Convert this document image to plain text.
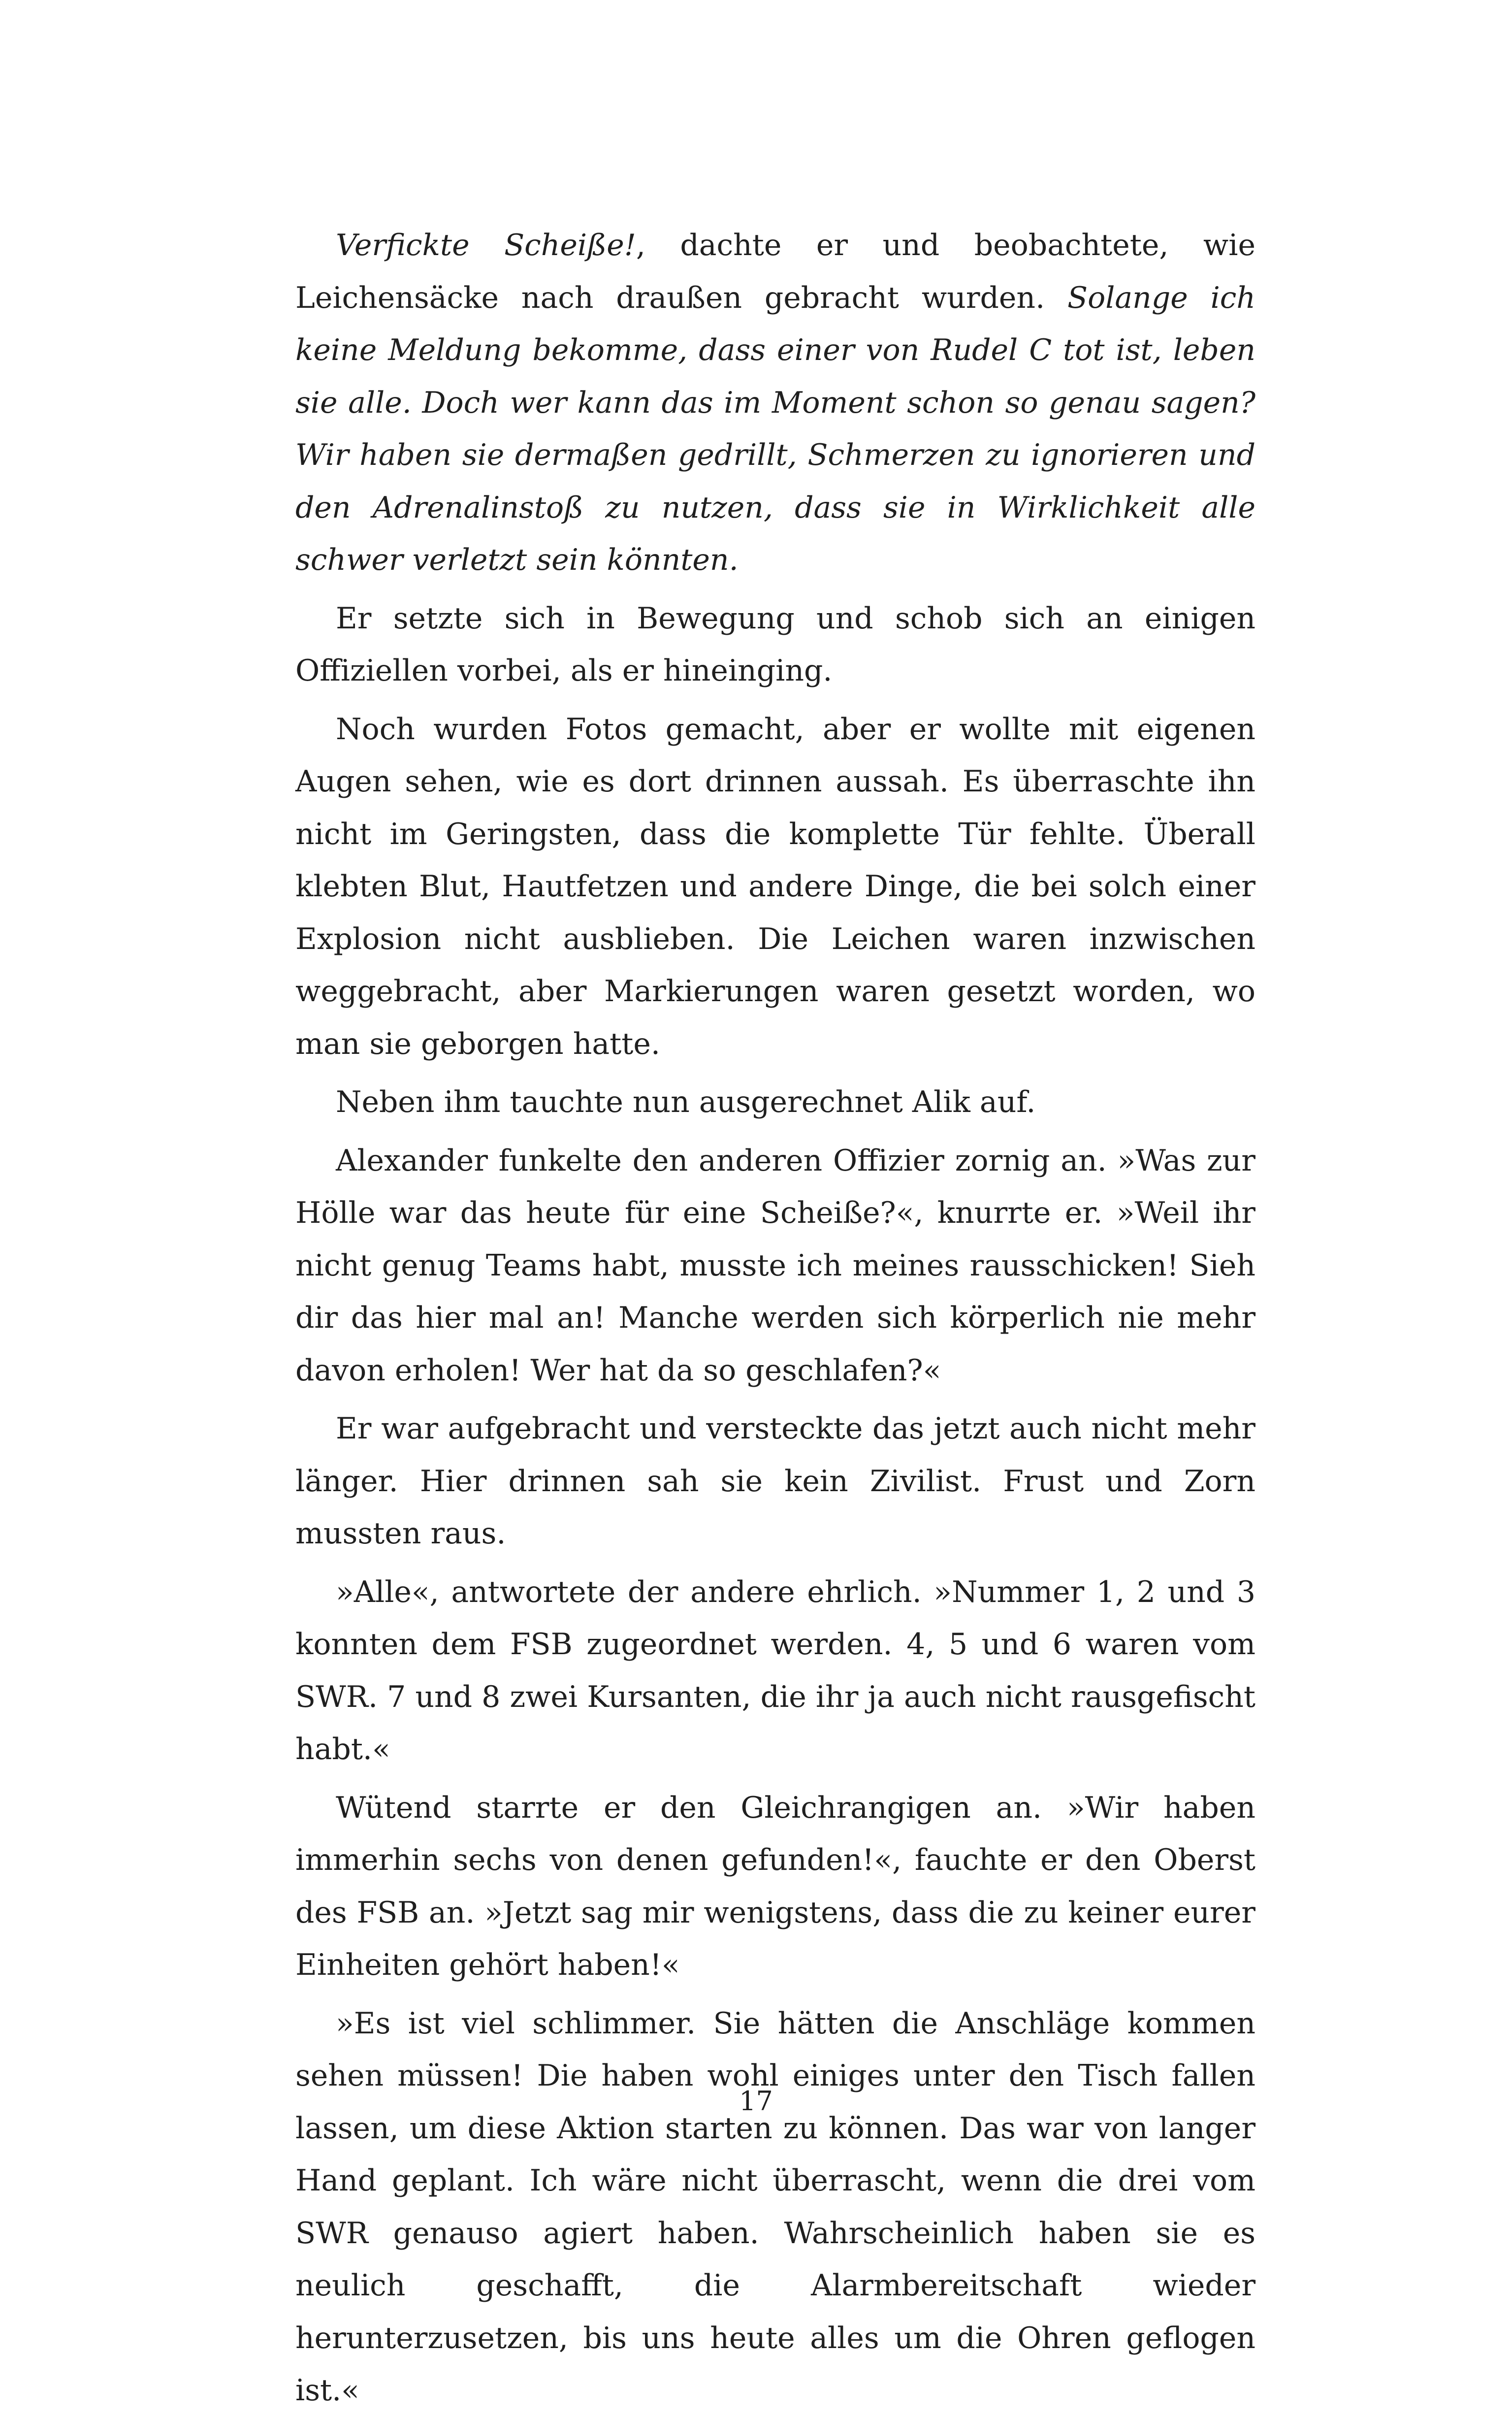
Verfickte Scheiße!, dachte er und beobachtete, wie Leichensäcke nach draußen gebracht wurden. Solange ich keine Meldung bekomme, dass einer von Rudel C tot ist, leben sie alle. Doch wer kann das im Moment schon so genau sagen? Wir haben sie dermaßen gedrillt, Schmerzen zu ignorieren und den Adrenalinstoß zu nutzen, dass sie in Wirklichkeit alle schwer verletzt sein könnten.

Er setzte sich in Bewegung und schob sich an einigen Offiziellen vorbei, als er hineinging.

Noch wurden Fotos gemacht, aber er wollte mit eigenen Augen sehen, wie es dort drinnen aussah. Es überraschte ihn nicht im Geringsten, dass die komplette Tür fehlte. Überall klebten Blut, Hautfetzen und andere Dinge, die bei solch einer Explosion nicht ausblieben. Die Leichen waren inzwischen weggebracht, aber Markierungen waren gesetzt worden, wo man sie geborgen hatte.

Neben ihm tauchte nun ausgerechnet Alik auf.

Alexander funkelte den anderen Offizier zornig an. »Was zur Hölle war das heute für eine Scheiße?«, knurrte er. »Weil ihr nicht genug Teams habt, musste ich meines rausschicken! Sieh dir das hier mal an! Manche werden sich körperlich nie mehr davon erholen! Wer hat da so geschlafen?«

Er war aufgebracht und versteckte das jetzt auch nicht mehr länger. Hier drinnen sah sie kein Zivilist. Frust und Zorn mussten raus.

»Alle«, antwortete der andere ehrlich. »Nummer 1, 2 und 3 konnten dem FSB zugeordnet werden. 4, 5 und 6 waren vom SWR. 7 und 8 zwei Kursanten, die ihr ja auch nicht rausgefischt habt.«

Wütend starrte er den Gleichrangigen an. »Wir haben immerhin sechs von denen gefunden!«, fauchte er den Oberst des FSB an. »Jetzt sag mir wenigstens, dass die zu keiner eurer Einheiten gehört haben!«

»Es ist viel schlimmer. Sie hätten die Anschläge kommen sehen müssen! Die haben wohl einiges unter den Tisch fallen lassen, um diese Aktion starten zu können. Das war von langer Hand geplant. Ich wäre nicht überrascht, wenn die drei vom SWR genauso agiert haben. Wahrscheinlich haben sie es neulich geschafft, die Alarmbereitschaft wieder herunterzusetzen, bis uns heute alles um die Ohren geflogen ist.«

17
